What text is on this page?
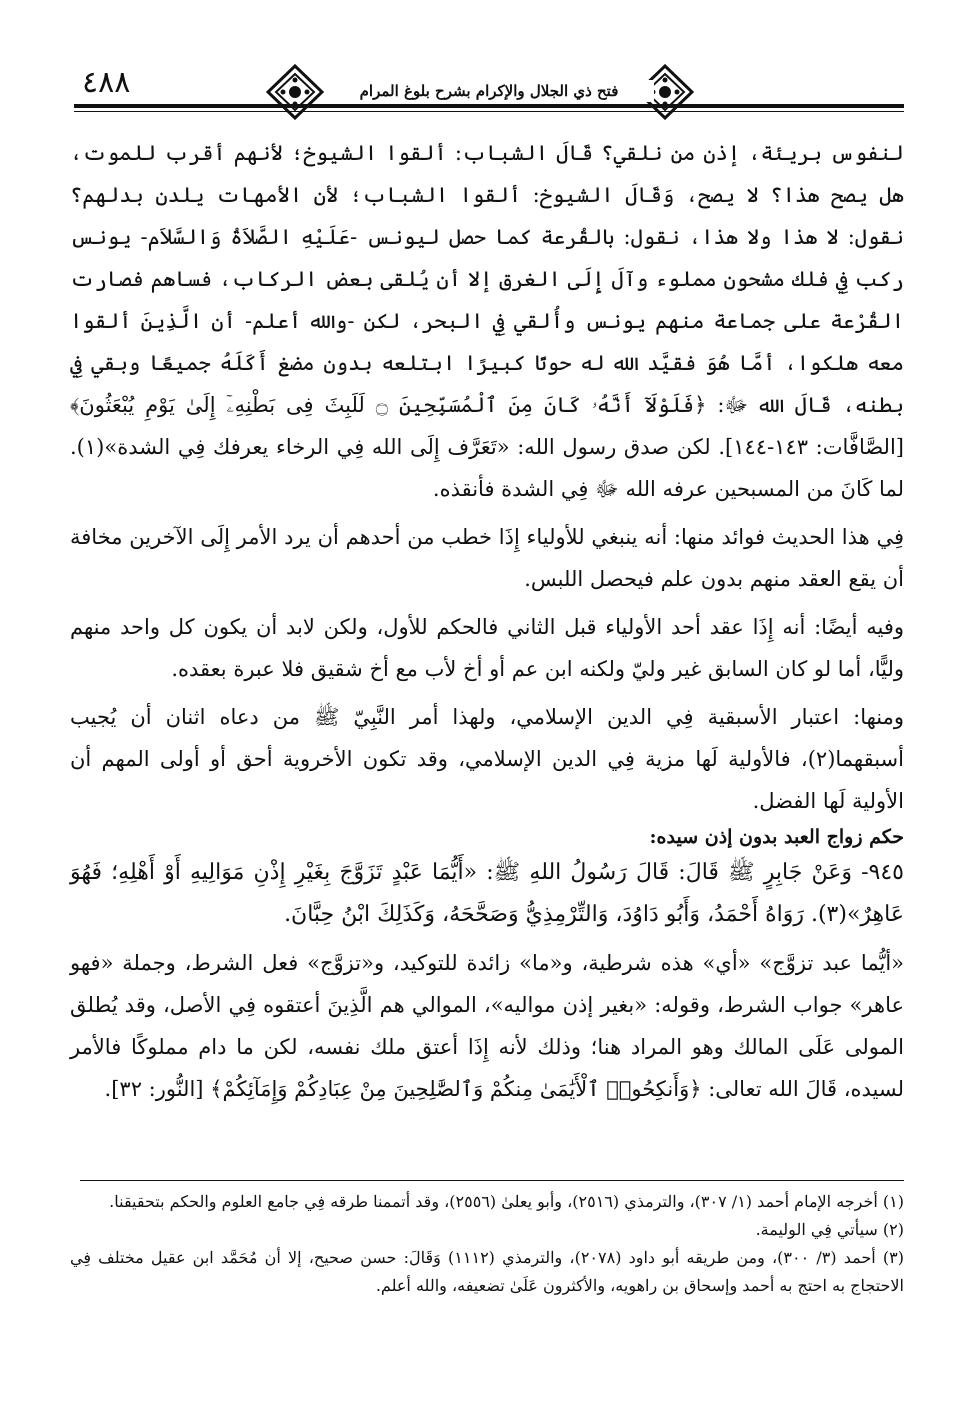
٤٨٨	فتح ذي الجلال والإكرام بشرح بلوغ المرام

لنفوس بريئة، إذن من نلقي؟ قَالَ الشباب: ألقوا الشيوخ؛ لأنهم أقرب للموت، هل يصح هذا؟ لا يصح، وَقَالَ الشيوخ: ألقوا الشباب؛ لأن الأمهات يلدن بدلهم؟ نقول: لا هذا ولا هذا، نقول: بالقُرعة كما حصل ليونس -عَلَيْهِ الصَّلاَةُ وَالسَّلاَم- يونس ركب فِي فلك مشحون مملوء وآلَ إِلَى الغرق إلا أن يُلقى بعض الركاب، فساهم فصارت القُرْعة على جماعة منهم يونس وأُلقي فِي البحر، لكن -والله أعلم- أن الَّذِينَ ألقوا معه هلكوا، أمَّا هُوَ فقيَّد الله له حوتًا كبيرًا ابتلعه بدون مضغ أَكَلَهُ جميعًا وبقي فِي بطنه، قَالَ الله ﷻ: ﴿فَلَوْلَآ أَنَّهُۥ كَانَ مِنَ ٱلْمُسَبِّحِينَ ۝ لَلَبِثَ فِى بَطْنِهِۦٓ إِلَىٰ يَوْمِ يُبْعَثُونَ﴾ [الصَّافَّات: ١٤٣-١٤٤]. لكن صدق رسول الله: «تَعَرَّف إِلَى الله فِي الرخاء يعرفك فِي الشدة»(١). لما كَانَ من المسبحين عرفه الله ﷻ فِي الشدة فأنقذه.

فِي هذا الحديث فوائد منها: أنه ينبغي للأولياء إِذَا خطب من أحدهم أن يرد الأمر إِلَى الآخرين مخافة أن يقع العقد منهم بدون علم فيحصل اللبس.

وفيه أيضًا: أنه إِذَا عقد أحد الأولياء قبل الثاني فالحكم للأول، ولكن لابد أن يكون كل واحد منهم وليًّا، أما لو كان السابق غير وليّ ولكنه ابن عم أو أخ لأب مع أخ شقيق فلا عبرة بعقده.

ومنها: اعتبار الأسبقية فِي الدين الإسلامي، ولهذا أمر النَّبِيّ ﷺ من دعاه اثنان أن يُجيب أسبقهما(٢)، فالأولية لَها مزية فِي الدين الإسلامي، وقد تكون الأخروية أحق أو أولى المهم أن الأولية لَها الفضل.

حكم زواج العبد بدون إذن سيده:

٩٤٥- وَعَنْ جَابِرٍ ﷺ قَالَ: قَالَ رَسُولُ اللهِ ﷺ: «أَيُّمَا عَبْدٍ تَزَوَّجَ بِغَيْرِ إِذْنِ مَوَالِيهِ أَوْ أَهْلِهِ؛ فَهُوَ عَاهِرٌ»(٣). رَوَاهُ أَحْمَدُ، وَأَبُو دَاوُدَ، وَالتِّرْمِذِيُّ وَصَحَّحَهُ، وَكَذَلِكَ ابْنُ حِبَّانَ.

«أيُّما عبد تزوَّج» «أي» هذه شرطية، و«ما» زائدة للتوكيد، و«تزوَّج» فعل الشرط، وجملة «فهو عاهر» جواب الشرط، وقوله: «بغير إذن مواليه»، الموالي هم الَّذِينَ أعتقوه فِي الأصل، وقد يُطلق المولى عَلَى المالك وهو المراد هنا؛ وذلك لأنه إِذَا أعتق ملك نفسه، لكن ما دام مملوكًا فالأمر لسيده، قَالَ الله تعالى: ﴿وَأَنكِحُوا۟ ٱلْأَيَٰمَىٰ مِنكُمْ وَٱلصَّٰلِحِينَ مِنْ عِبَادِكُمْ وَإِمَآئِكُمْ﴾ [النُّور: ٣٢].

(١) أخرجه الإمام أحمد (١/ ٣٠٧)، والترمذي (٢٥١٦)، وأبو يعلىٰ (٢٥٥٦)، وقد أتممنا طرقه فِي جامع العلوم والحكم بتحقيقنا.

(٢) سيأتي فِي الوليمة.

(٣) أحمد (٣/ ٣٠٠)، ومن طريقه أبو داود (٢٠٧٨)، والترمذي (١١١٢) وَقَالَ: حسن صحيح، إلا أن مُحَمَّد ابن عقيل مختلف فِي الاحتجاج به احتج به أحمد وإسحاق بن راهويه، والأكثرون عَلَىٰ تضعيفه، والله أعلم.
